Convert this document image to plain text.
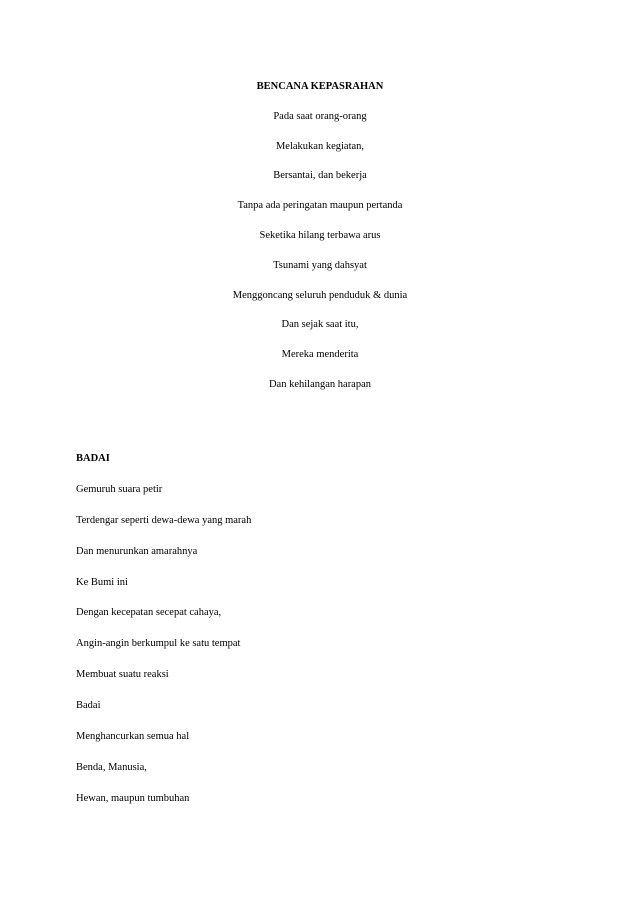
BENCANA KEPASRAHAN
Pada saat orang-orang
Melakukan kegiatan,
Bersantai, dan bekerja
Tanpa ada peringatan maupun pertanda
Seketika hilang terbawa arus
Tsunami yang dahsyat
Menggoncang seluruh penduduk & dunia
Dan sejak saat itu,
Mereka menderita
Dan kehilangan harapan
BADAI
Gemuruh suara petir
Terdengar seperti dewa-dewa yang marah
Dan menurunkan amarahnya
Ke Bumi ini
Dengan kecepatan secepat cahaya,
Angin-angin berkumpul ke satu tempat
Membuat suatu reaksi
Badai
Menghancurkan semua hal
Benda, Manusia,
Hewan, maupun tumbuhan
